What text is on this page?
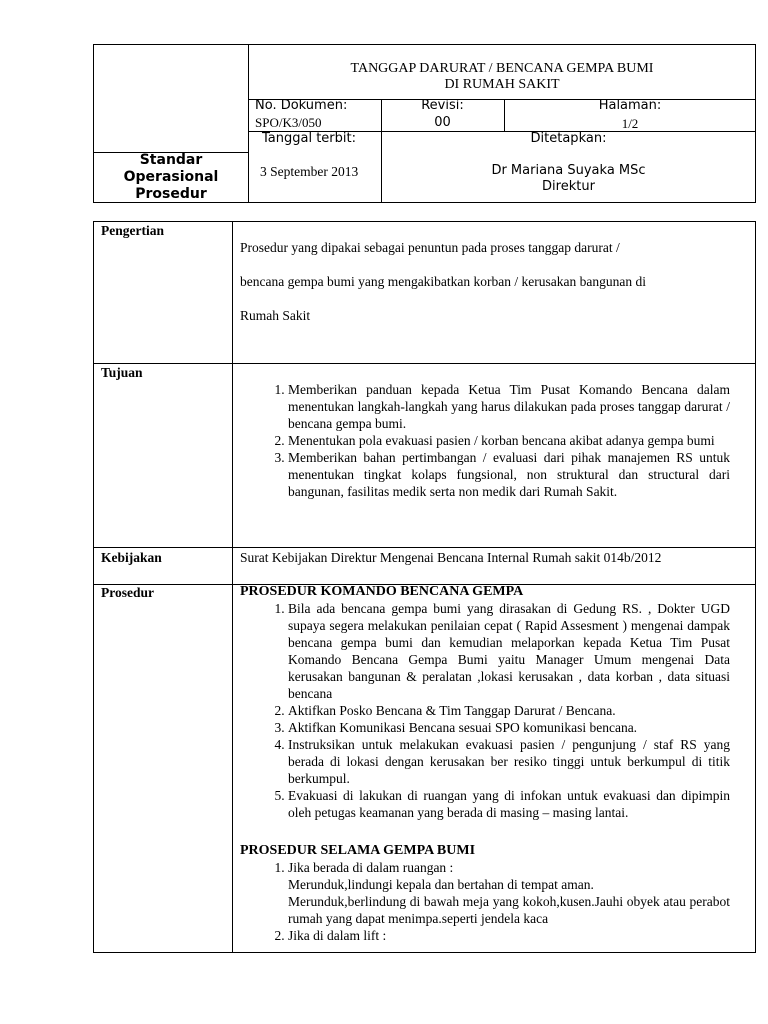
TANGGAP DARURAT / BENCANA GEMPA BUMI
DI RUMAH SAKIT
No. Dokumen:
SPO/K3/050
Revisi:
00
Halaman:
1/2
Tanggal terbit:
3 September 2013
Ditetapkan:
Dr Mariana Suyaka MSc
Direktur
Standar
Operasional
Prosedur
Pengertian

Prosedur yang dipakai sebagai penuntun pada proses tanggap darurat /

bencana gempa bumi yang mengakibatkan korban / kerusakan bangunan di

Rumah Sakit

Tujuan
1. Memberikan panduan kepada Ketua Tim Pusat Komando Bencana dalam menentukan langkah-langkah yang harus dilakukan pada proses tanggap darurat / bencana gempa bumi.
2. Menentukan pola evakuasi pasien / korban bencana akibat adanya gempa bumi
3. Memberikan bahan pertimbangan / evaluasi dari pihak manajemen RS untuk menentukan tingkat kolaps fungsional, non struktural dan structural dari bangunan, fasilitas medik serta non medik dari Rumah Sakit.
Kebijakan	Surat Kebijakan Direktur Mengenai Bencana Internal Rumah sakit 014b/2012
Prosedur	PROSEDUR KOMANDO BENCANA GEMPA
1. Bila ada bencana gempa bumi yang dirasakan di Gedung RS. , Dokter UGD supaya segera melakukan penilaian cepat ( Rapid Assesment ) mengenai dampak bencana gempa bumi dan kemudian melaporkan kepada Ketua Tim Pusat Komando Bencana Gempa Bumi yaitu Manager Umum mengenai Data kerusakan bangunan & peralatan ,lokasi kerusakan , data korban , data situasi bencana
2. Aktifkan Posko Bencana & Tim Tanggap Darurat / Bencana.
3. Aktifkan Komunikasi Bencana sesuai SPO komunikasi bencana.
4. Instruksikan untuk melakukan evakuasi pasien / pengunjung / staf RS yang berada di lokasi dengan kerusakan ber resiko tinggi untuk berkumpul di titik berkumpul.
5. Evakuasi di lakukan di ruangan yang di infokan untuk evakuasi dan dipimpin oleh petugas keamanan yang berada di masing – masing lantai.
PROSEDUR SELAMA GEMPA BUMI
1. Jika berada di dalam ruangan :
Merunduk,lindungi kepala dan bertahan di tempat aman.
Merunduk,berlindung di bawah meja yang kokoh,kusen.Jauhi obyek atau perabot rumah yang dapat menimpa.seperti jendela kaca
2. Jika di dalam lift :
